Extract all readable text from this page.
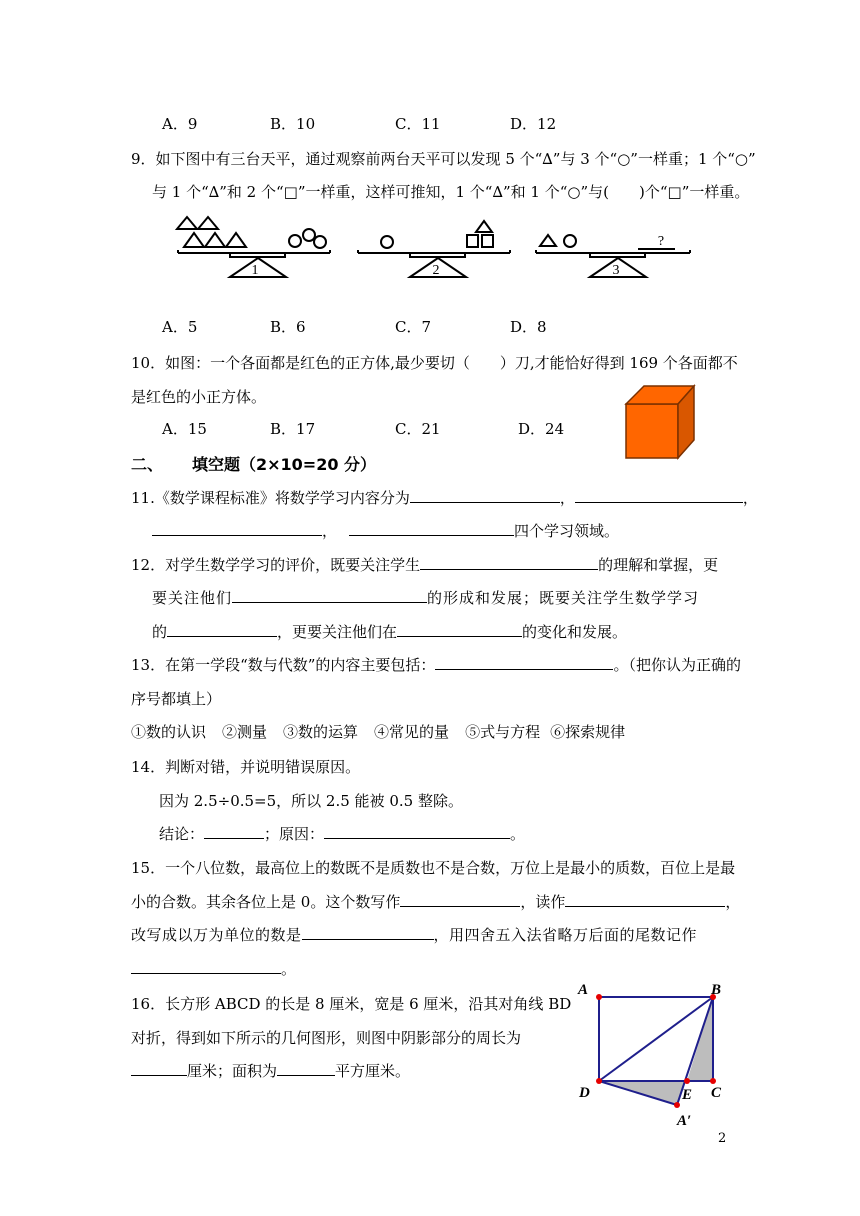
A．9	B．10	C．11	D．12
9．如下图中有三台天平，通过观察前两台天平可以发现 5 个“∆”与 3 个“○”一样重；1 个“○”
与 1 个“∆”和 2 个“□”一样重，这样可推知，1 个“∆”和 1 个“○”与(　　)个“□”一样重。
1	2	3
?
A．5	B．6	C．7	D．8
10．如图：一个各面都是红色的正方体,最少要切（　　）刀,才能恰好得到 169 个各面都不
是红色的小正方体。
A．15	B．17	C．21	D．24
二、 填空题（2×10=20 分）
11.《数学课程标准》将数学学习内容分为	，	，
，	四个学习领域。
12．对学生数学学习的评价，既要关注学生	的理解和掌握，更
要关注他们	的形成和发展；既要关注学生数学学习
的	，更要关注他们在	的变化和发展。
13．在第一学段“数与代数”的内容主要包括：	。（把你认为正确的
序号都填上）
①数的认识 ②测量 ③数的运算 ④常见的量 ⑤式与方程 ⑥探索规律
14．判断对错，并说明错误原因。
因为 2.5÷0.5=5，所以 2.5 能被 0.5 整除。
结论：	；原因：	。
15．一个八位数，最高位上的数既不是质数也不是合数，万位上是最小的质数，百位上是最
小的合数。其余各位上是 0。这个数写作	，读作	，
改写成以万为单位的数是	，用四舍五入法省略万后面的尾数记作
。
16．长方形 ABCD 的长是 8 厘米，宽是 6 厘米，沿其对角线 BD
对折，得到如下所示的几何图形，则图中阴影部分的周长为
厘米；面积为	平方厘米。
A	B
D	C
E
A′
2
